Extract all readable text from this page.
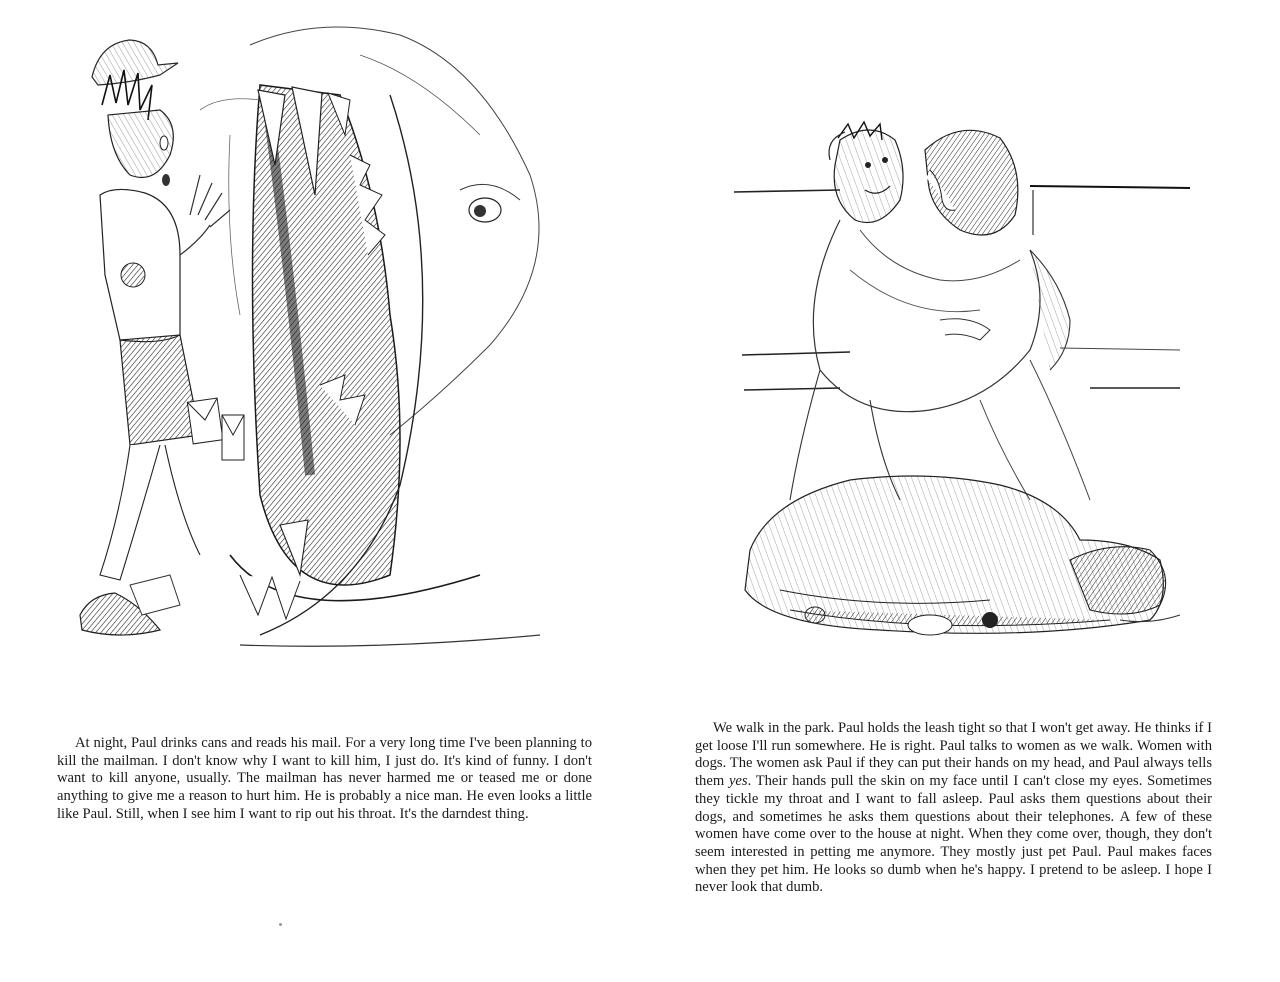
At night, Paul drinks cans and reads his mail. For a very long time I've been planning to kill the mailman. I don't know why I want to kill him, I just do. It's kind of funny. I don't want to kill anyone, usually. The mailman has never harmed me or teased me or done anything to give me a reason to hurt him. He is probably a nice man. He even looks a little like Paul. Still, when I see him I want to rip out his throat. It's the darndest thing.

We walk in the park. Paul holds the leash tight so that I won't get away. He thinks if I get loose I'll run somewhere. He is right. Paul talks to women as we walk. Women with dogs. The women ask Paul if they can put their hands on my head, and Paul always tells them yes. Their hands pull the skin on my face until I can't close my eyes. Sometimes they tickle my throat and I want to fall asleep. Paul asks them questions about their dogs, and sometimes he asks them questions about their telephones. A few of these women have come over to the house at night. When they come over, though, they don't seem interested in petting me anymore. They mostly just pet Paul. Paul makes faces when they pet him. He looks so dumb when he's happy. I pretend to be asleep. I hope I never look that dumb.
